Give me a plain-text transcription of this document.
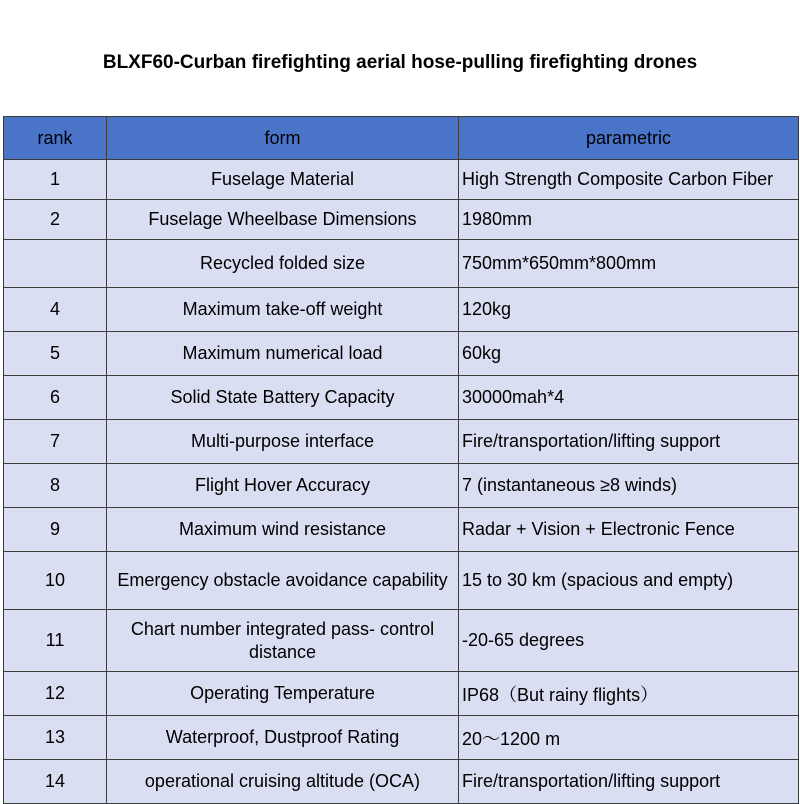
BLXF60-Curban firefighting aerial hose-pulling firefighting drones
rank	form	parametric
1	Fuselage Material	High Strength Composite Carbon Fiber
2	Fuselage Wheelbase Dimensions	1980mm
	Recycled folded size	750mm*650mm*800mm
4	Maximum take-off weight	120kg
5	Maximum numerical load	60kg
6	Solid State Battery Capacity	30000mah*4
7	Multi-purpose interface	Fire/transportation/lifting support
8	Flight Hover Accuracy	7 (instantaneous ≥8 winds)
9	Maximum wind resistance	Radar + Vision + Electronic Fence
10	Emergency obstacle avoidance capability	15 to 30 km (spacious and empty)
11	Chart number integrated pass- control distance	-20-65 degrees
12	Operating Temperature	IP68（But rainy flights）
13	Waterproof, Dustproof Rating	20～1200 m
14	operational cruising altitude (OCA)	Fire/transportation/lifting support
